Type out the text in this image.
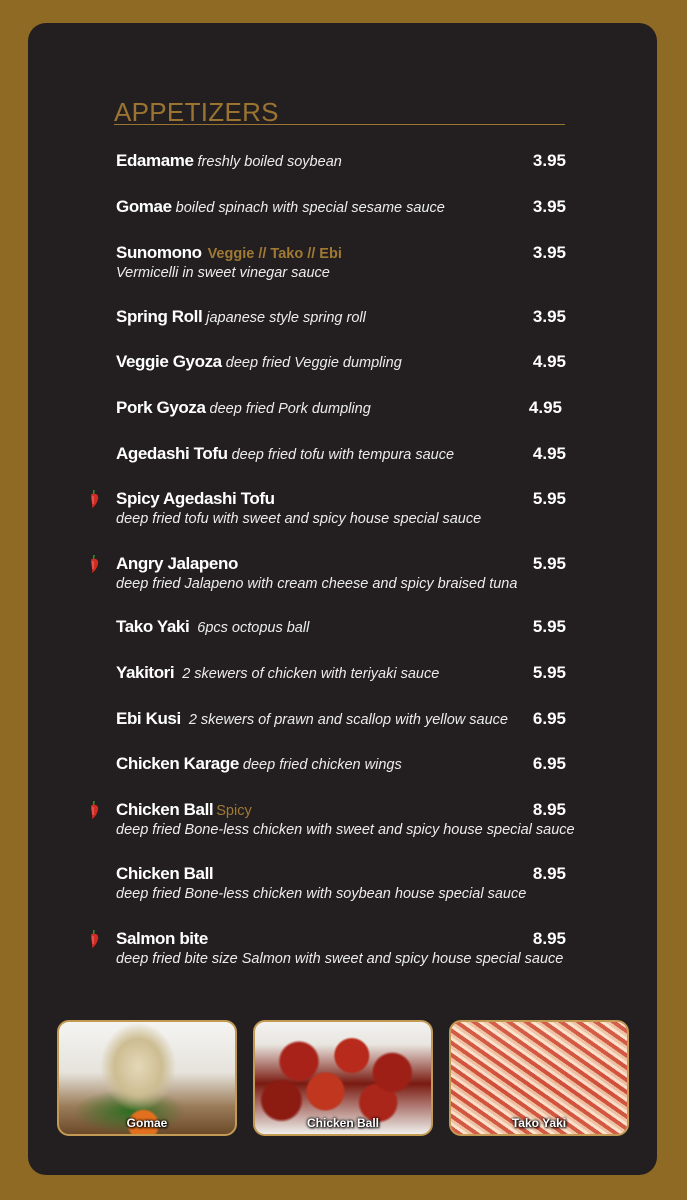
APPETIZERS
Edamame freshly boiled soybean	3.95
Gomae boiled spinach with special sesame sauce	3.95
Sunomono Veggie // Tako // Ebi	3.95
Vermicelli in sweet vinegar sauce
Spring Roll japanese style spring roll	3.95
Veggie Gyoza deep fried Veggie dumpling	4.95
Pork Gyoza deep fried Pork dumpling	4.95
Agedashi Tofu deep fried tofu with tempura sauce	4.95
Spicy Agedashi Tofu	5.95
deep fried tofu with sweet and spicy house special sauce
Angry Jalapeno	5.95
deep fried Jalapeno with cream cheese and spicy braised tuna
Tako Yaki 6pcs octopus ball	5.95
Yakitori 2 skewers of chicken with teriyaki sauce	5.95
Ebi Kusi 2 skewers of prawn and scallop with yellow sauce 6.95
Chicken Karage deep fried chicken wings	6.95
Chicken Ball Spicy	8.95
deep fried Bone-less chicken with sweet and spicy house special sauce
Chicken Ball	8.95
deep fried Bone-less chicken with soybean house special sauce
Salmon bite	8.95
deep fried bite size Salmon with sweet and spicy house special sauce
Gomae	Chicken Ball	Tako Yaki
